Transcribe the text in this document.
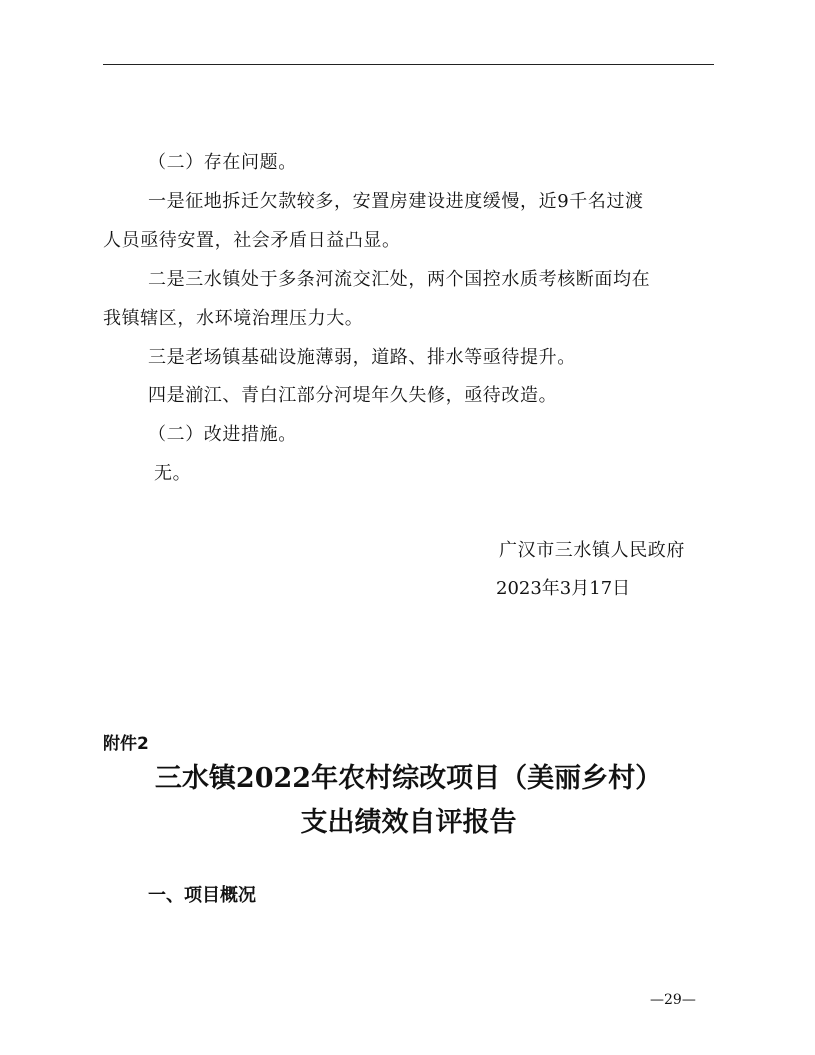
（二）存在问题。
一是征地拆迁欠款较多，安置房建设进度缓慢，近9千名过渡
人员亟待安置，社会矛盾日益凸显。
二是三水镇处于多条河流交汇处，两个国控水质考核断面均在
我镇辖区，水环境治理压力大。
三是老场镇基础设施薄弱，道路、排水等亟待提升。
四是湔江、青白江部分河堤年久失修，亟待改造。
（二）改进措施。
无。
广汉市三水镇人民政府
2023年3月17日
附件2
三水镇2022年农村综改项目（美丽乡村）
支出绩效自评报告
一、项目概况
—29—
